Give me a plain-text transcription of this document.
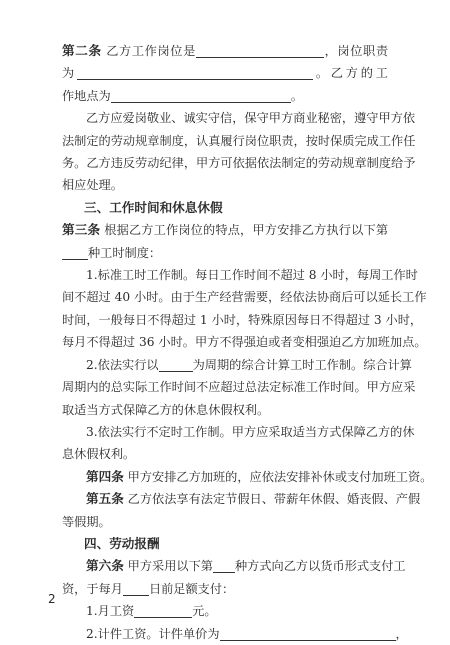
第二条 乙方工作岗位是	，岗位职责
为	。乙方的工
作地点为	。
乙方应爱岗敬业、诚实守信，保守甲方商业秘密，遵守甲方依
法制定的劳动规章制度，认真履行岗位职责，按时保质完成工作任
务。乙方违反劳动纪律，甲方可依据依法制定的劳动规章制度给予
相应处理。
三、工作时间和休息休假
第三条 根据乙方工作岗位的特点，甲方安排乙方执行以下第
种工时制度：
1.标准工时工作制。每日工作时间不超过 8 小时，每周工作时
间不超过 40 小时。由于生产经营需要，经依法协商后可以延长工作
时间，一般每日不得超过 1 小时，特殊原因每日不得超过 3 小时，
每月不得超过 36 小时。甲方不得强迫或者变相强迫乙方加班加点。
2.依法实行以	为周期的综合计算工时工作制。综合计算
周期内的总实际工作时间不应超过总法定标准工作时间。甲方应采
取适当方式保障乙方的休息休假权利。
3.依法实行不定时工作制。甲方应采取适当方式保障乙方的休
息休假权利。
第四条 甲方安排乙方加班的，应依法安排补休或支付加班工资。
第五条 乙方依法享有法定节假日、带薪年休假、婚丧假、产假
等假期。
四、劳动报酬
第六条 甲方采用以下第 种方式向乙方以货币形式支付工
资，于每月 日前足额支付：
1.月工资	元。
2.计件工资。计件单价为	，
2
